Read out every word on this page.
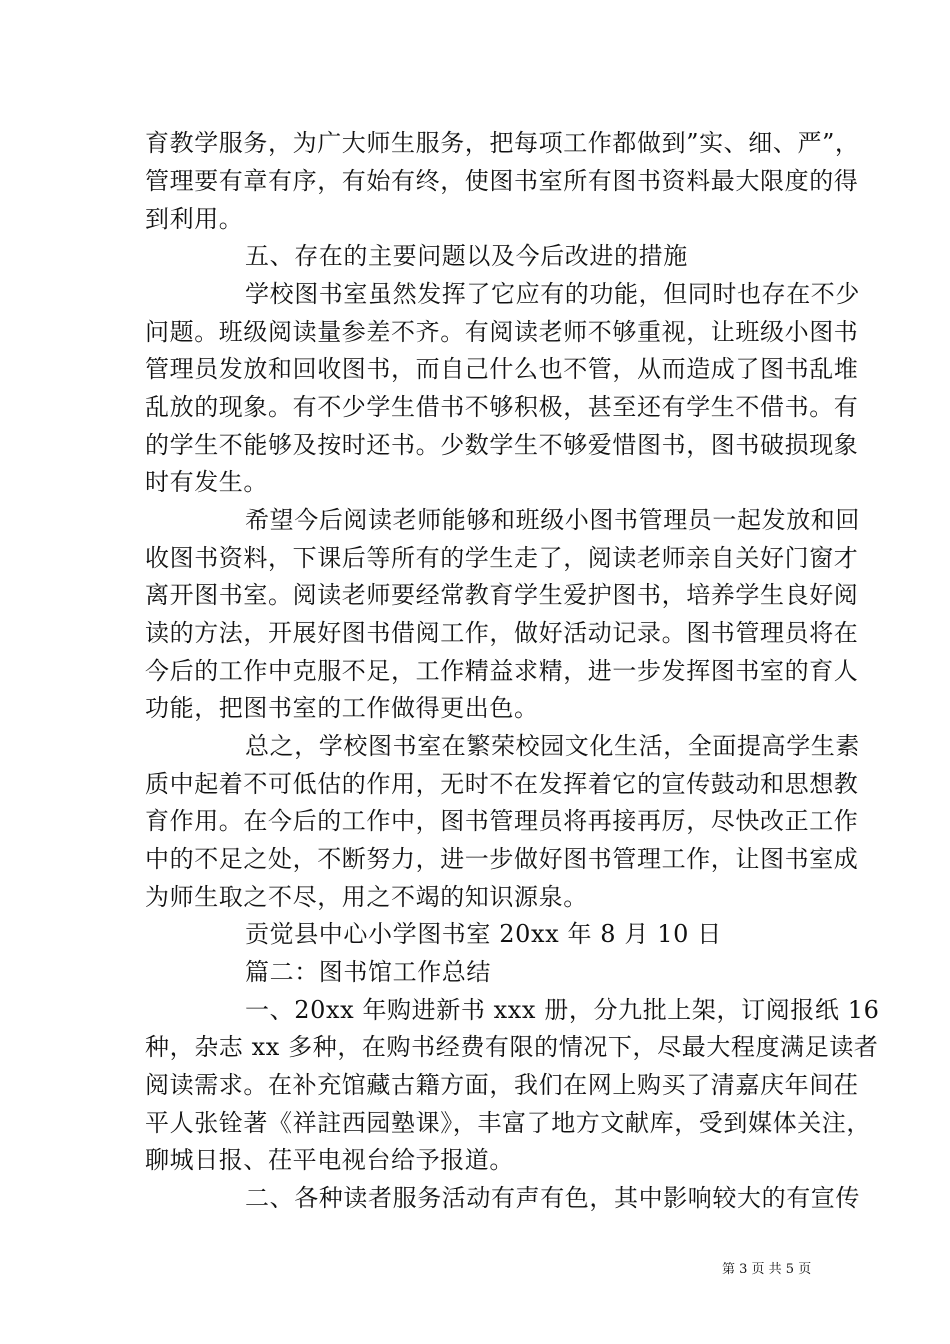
育教学服务，为广大师生服务，把每项工作都做到”实、细、严”，
管理要有章有序，有始有终，使图书室所有图书资料最大限度的得
到利用。
五、存在的主要问题以及今后改进的措施
学校图书室虽然发挥了它应有的功能，但同时也存在不少
问题。班级阅读量参差不齐。有阅读老师不够重视，让班级小图书
管理员发放和回收图书，而自己什么也不管，从而造成了图书乱堆
乱放的现象。有不少学生借书不够积极，甚至还有学生不借书。有
的学生不能够及按时还书。少数学生不够爱惜图书，图书破损现象
时有发生。
希望今后阅读老师能够和班级小图书管理员一起发放和回
收图书资料，下课后等所有的学生走了，阅读老师亲自关好门窗才
离开图书室。阅读老师要经常教育学生爱护图书，培养学生良好阅
读的方法，开展好图书借阅工作，做好活动记录。图书管理员将在
今后的工作中克服不足，工作精益求精，进一步发挥图书室的育人
功能，把图书室的工作做得更出色。
总之，学校图书室在繁荣校园文化生活，全面提高学生素
质中起着不可低估的作用，无时不在发挥着它的宣传鼓动和思想教
育作用。在今后的工作中，图书管理员将再接再厉，尽快改正工作
中的不足之处，不断努力，进一步做好图书管理工作，让图书室成
为师生取之不尽，用之不竭的知识源泉。
贡觉县中心小学图书室 20xx 年 8 月 10 日
篇二：图书馆工作总结
一、20xx 年购进新书 xxx 册，分九批上架，订阅报纸 16
种，杂志 xx 多种，在购书经费有限的情况下，尽最大程度满足读者
阅读需求。在补充馆藏古籍方面，我们在网上购买了清嘉庆年间茌
平人张铨著《祥註西园塾课》，丰富了地方文献库，受到媒体关注，
聊城日报、茌平电视台给予报道。
二、各种读者服务活动有声有色，其中影响较大的有宣传
第 3 页 共 5 页
